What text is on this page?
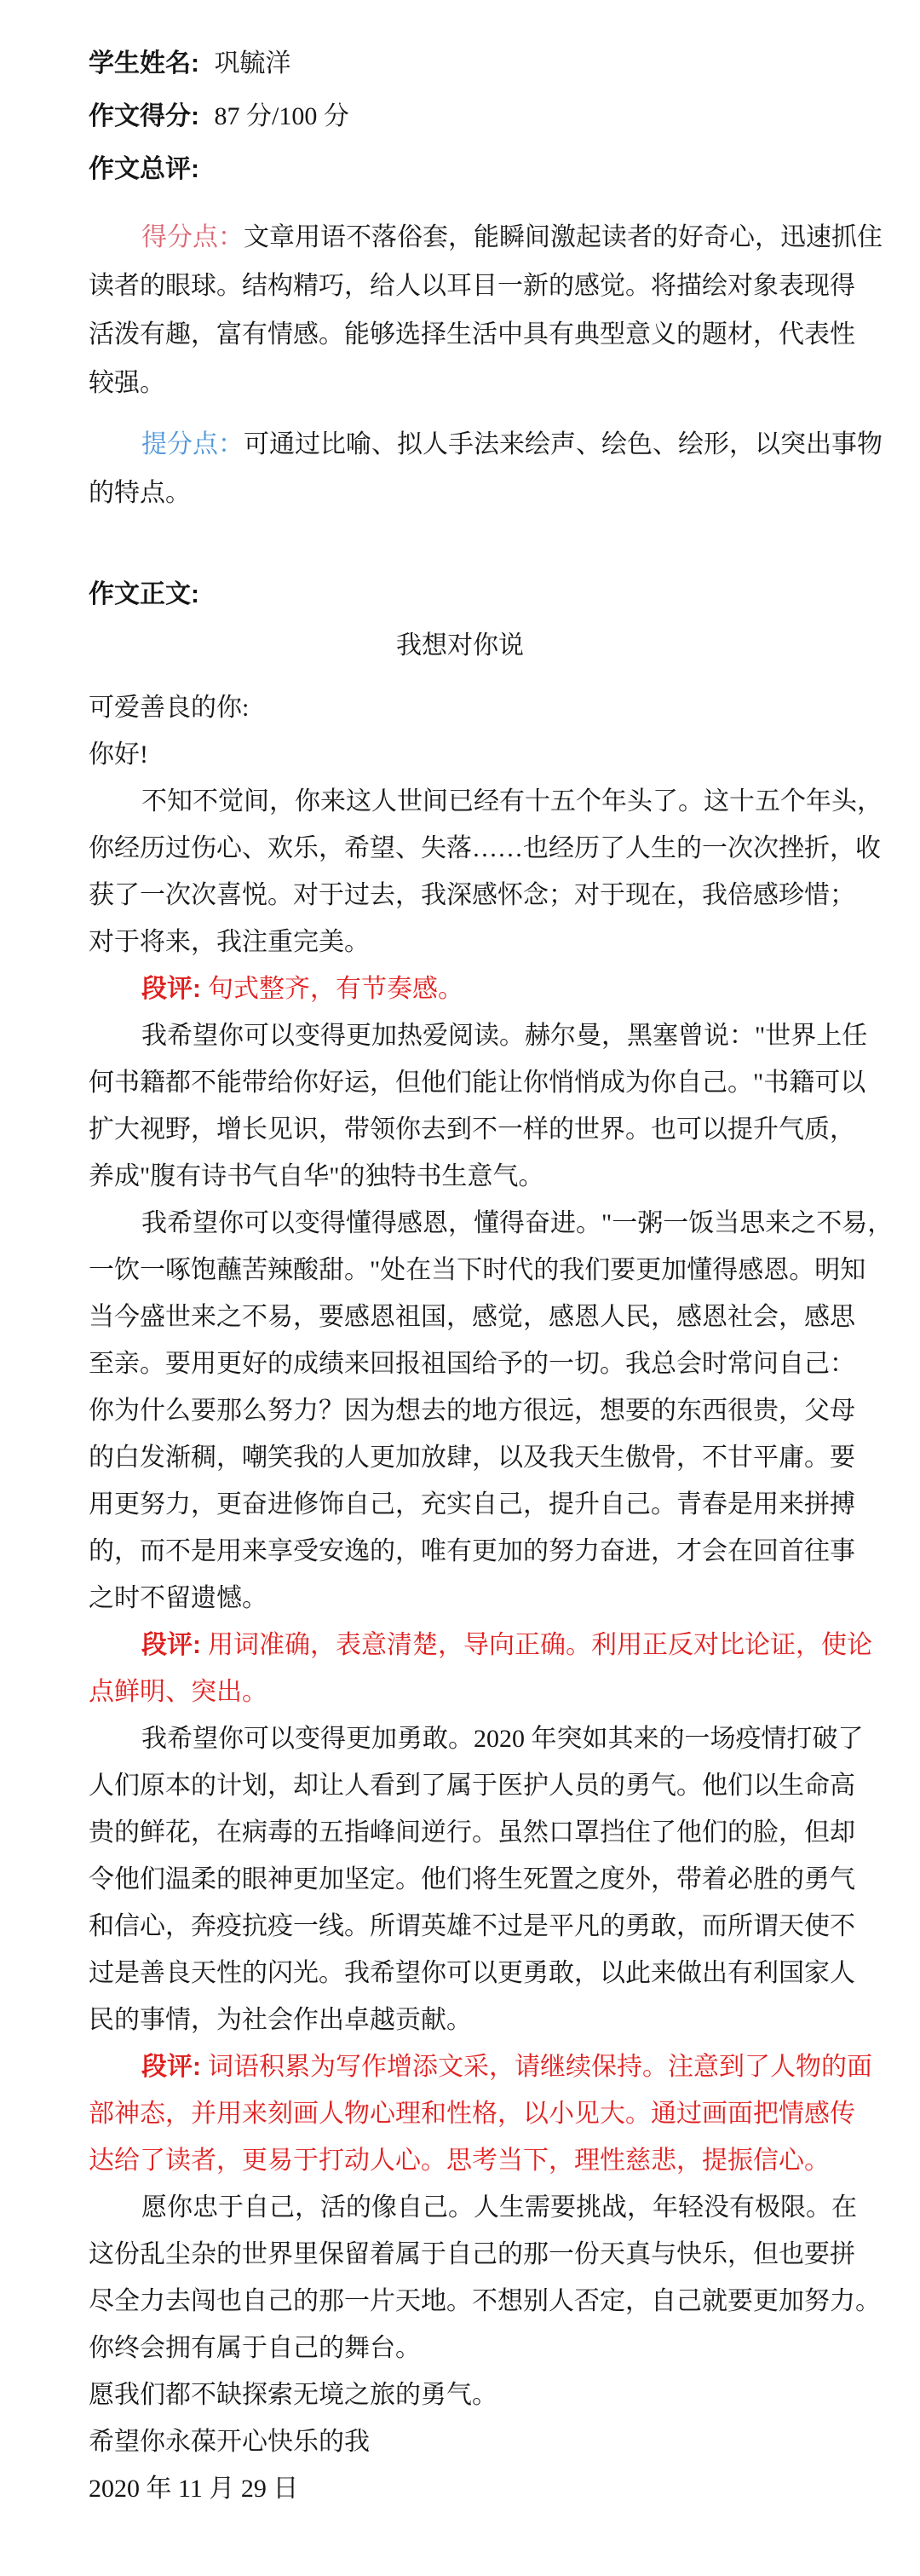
学生姓名: 巩毓洋
作文得分: 87 分/100 分
作文总评:
得分点：文章用语不落俗套，能瞬间激起读者的好奇心，迅速抓住
读者的眼球。结构精巧，给人以耳目一新的感觉。将描绘对象表现得
活泼有趣，富有情感。能够选择生活中具有典型意义的题材，代表性
较强。
提分点：可通过比喻、拟人手法来绘声、绘色、绘形，以突出事物
的特点。
作文正文:
我想对你说
可爱善良的你:
你好!
不知不觉间，你来这人世间已经有十五个年头了。这十五个年头，
你经历过伤心、欢乐，希望、失落……也经历了人生的一次次挫折，收
获了一次次喜悦。对于过去，我深感怀念；对于现在，我倍感珍惜；
对于将来，我注重完美。
段评: 句式整齐，有节奏感。
我希望你可以变得更加热爱阅读。赫尔曼，黑塞曾说："世界上任
何书籍都不能带给你好运，但他们能让你悄悄成为你自己。"书籍可以
扩大视野，增长见识，带领你去到不一样的世界。也可以提升气质，
养成"腹有诗书气自华"的独特书生意气。
我希望你可以变得懂得感恩，懂得奋进。"一粥一饭当思来之不易，
一饮一啄饱蘸苦辣酸甜。"处在当下时代的我们要更加懂得感恩。明知
当今盛世来之不易，要感恩祖国，感觉，感恩人民，感恩社会，感思
至亲。要用更好的成绩来回报祖国给予的一切。我总会时常问自己：
你为什么要那么努力？因为想去的地方很远，想要的东西很贵，父母
的白发渐稠，嘲笑我的人更加放肆，以及我天生傲骨，不甘平庸。要
用更努力，更奋进修饰自己，充实自己，提升自己。青春是用来拼搏
的，而不是用来享受安逸的，唯有更加的努力奋进，才会在回首往事
之时不留遗憾。
段评: 用词准确，表意清楚，导向正确。利用正反对比论证，使论
点鲜明、突出。
我希望你可以变得更加勇敢。2020 年突如其来的一场疫情打破了
人们原本的计划，却让人看到了属于医护人员的勇气。他们以生命高
贵的鲜花，在病毒的五指峰间逆行。虽然口罩挡住了他们的脸，但却
令他们温柔的眼神更加坚定。他们将生死置之度外，带着必胜的勇气
和信心，奔疫抗疫一线。所谓英雄不过是平凡的勇敢，而所谓天使不
过是善良天性的闪光。我希望你可以更勇敢，以此来做出有利国家人
民的事情，为社会作出卓越贡献。
段评: 词语积累为写作增添文采，请继续保持。注意到了人物的面
部神态，并用来刻画人物心理和性格，以小见大。通过画面把情感传
达给了读者，更易于打动人心。思考当下，理性慈悲，提振信心。
愿你忠于自己，活的像自己。人生需要挑战，年轻没有极限。在
这份乱尘杂的世界里保留着属于自己的那一份天真与快乐，但也要拼
尽全力去闯也自己的那一片天地。不想别人否定，自己就要更加努力。
你终会拥有属于自己的舞台。
愿我们都不缺探索无境之旅的勇气。
希望你永葆开心快乐的我
2020 年 11 月 29 日
